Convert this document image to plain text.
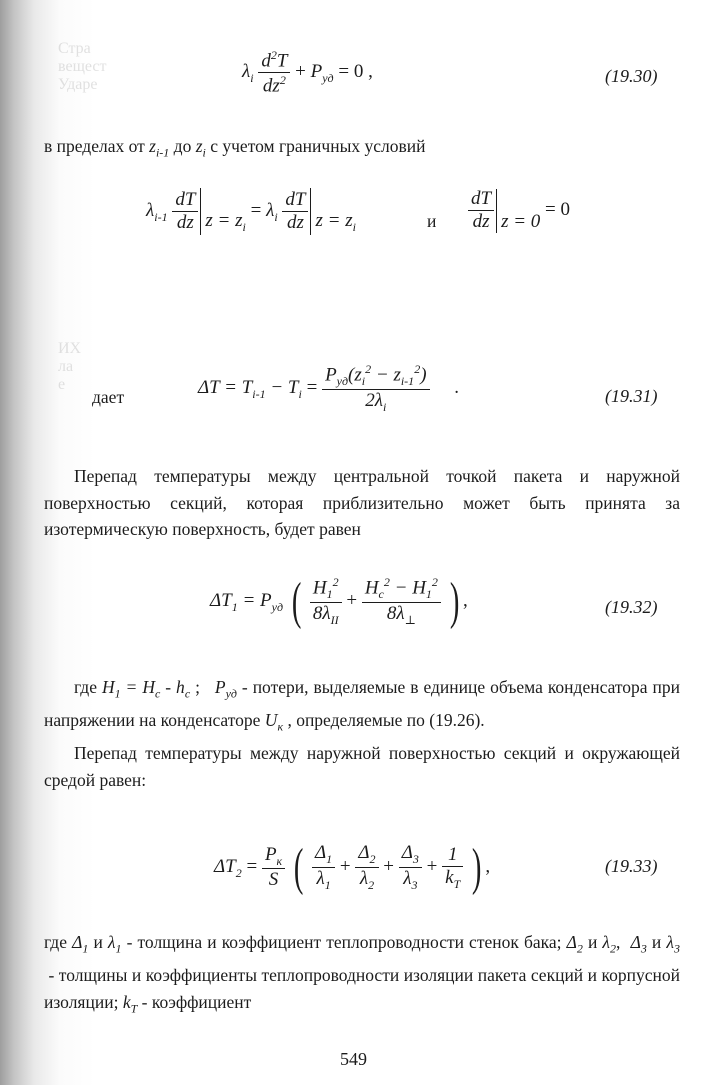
Стра
вещест
Ударе
ИХ
ла
е
$\lambda_i \frac{d^2T}{dz^2} + P_{уд} = 0$ ,	(19.30)
в пределах от $z_{i-1}$ до $z_i$ с учетом граничных условий
$\lambda_{i-1} \frac{dT}{dz}$ $z = z_i = \lambda_i \frac{dT}{dz}$ $z = z_i$	и $\frac{dT}{dz}$ z = 0 = 0
дает	$\Delta T = T_{i-1} - T_i = \frac{P_{уд}(z_i^2 - z_{i-1}^2)}{2\lambda_i}$ .	(19.31)

Перепад температуры между центральной точкой пакета и наружной поверхностью секций, которая приблизительно может быть принята за изотермическую поверхность, будет равен

$\Delta T_1 = P_{уд}$ ( $\frac{H_1^2}{8\lambda_{II}} + \frac{H_c^2 - H_1^2}{8\lambda_\perp}$ ) ,	(19.32)

где $H_1 = H_c - h_c$ ;   $P_{уд}$ - потери, выделяемые в единице объема конденсатора при напряжении на конденсаторе $U_к$ , определяемые по (19.26).

Перепад температуры между наружной поверхностью секций и окружающей средой равен:

$\Delta T_2 = \frac{P_к}{S}$ ( $\frac{\Delta_1}{\lambda_1} + \frac{\Delta_2}{\lambda_2} + \frac{\Delta_3}{\lambda_3} + \frac{1}{k_T}$ ) ,	(19.33)

где $\Delta_1$ и $\lambda_1$ - толщина и коэффициент теплопроводности стенок бака; $\Delta_2$ и $\lambda_2$,  $\Delta_3$ и $\lambda_3$  - толщины и коэффициенты теплопроводности изоляции пакета секций и корпусной изоляции; $k_T$ - коэффициент

549
